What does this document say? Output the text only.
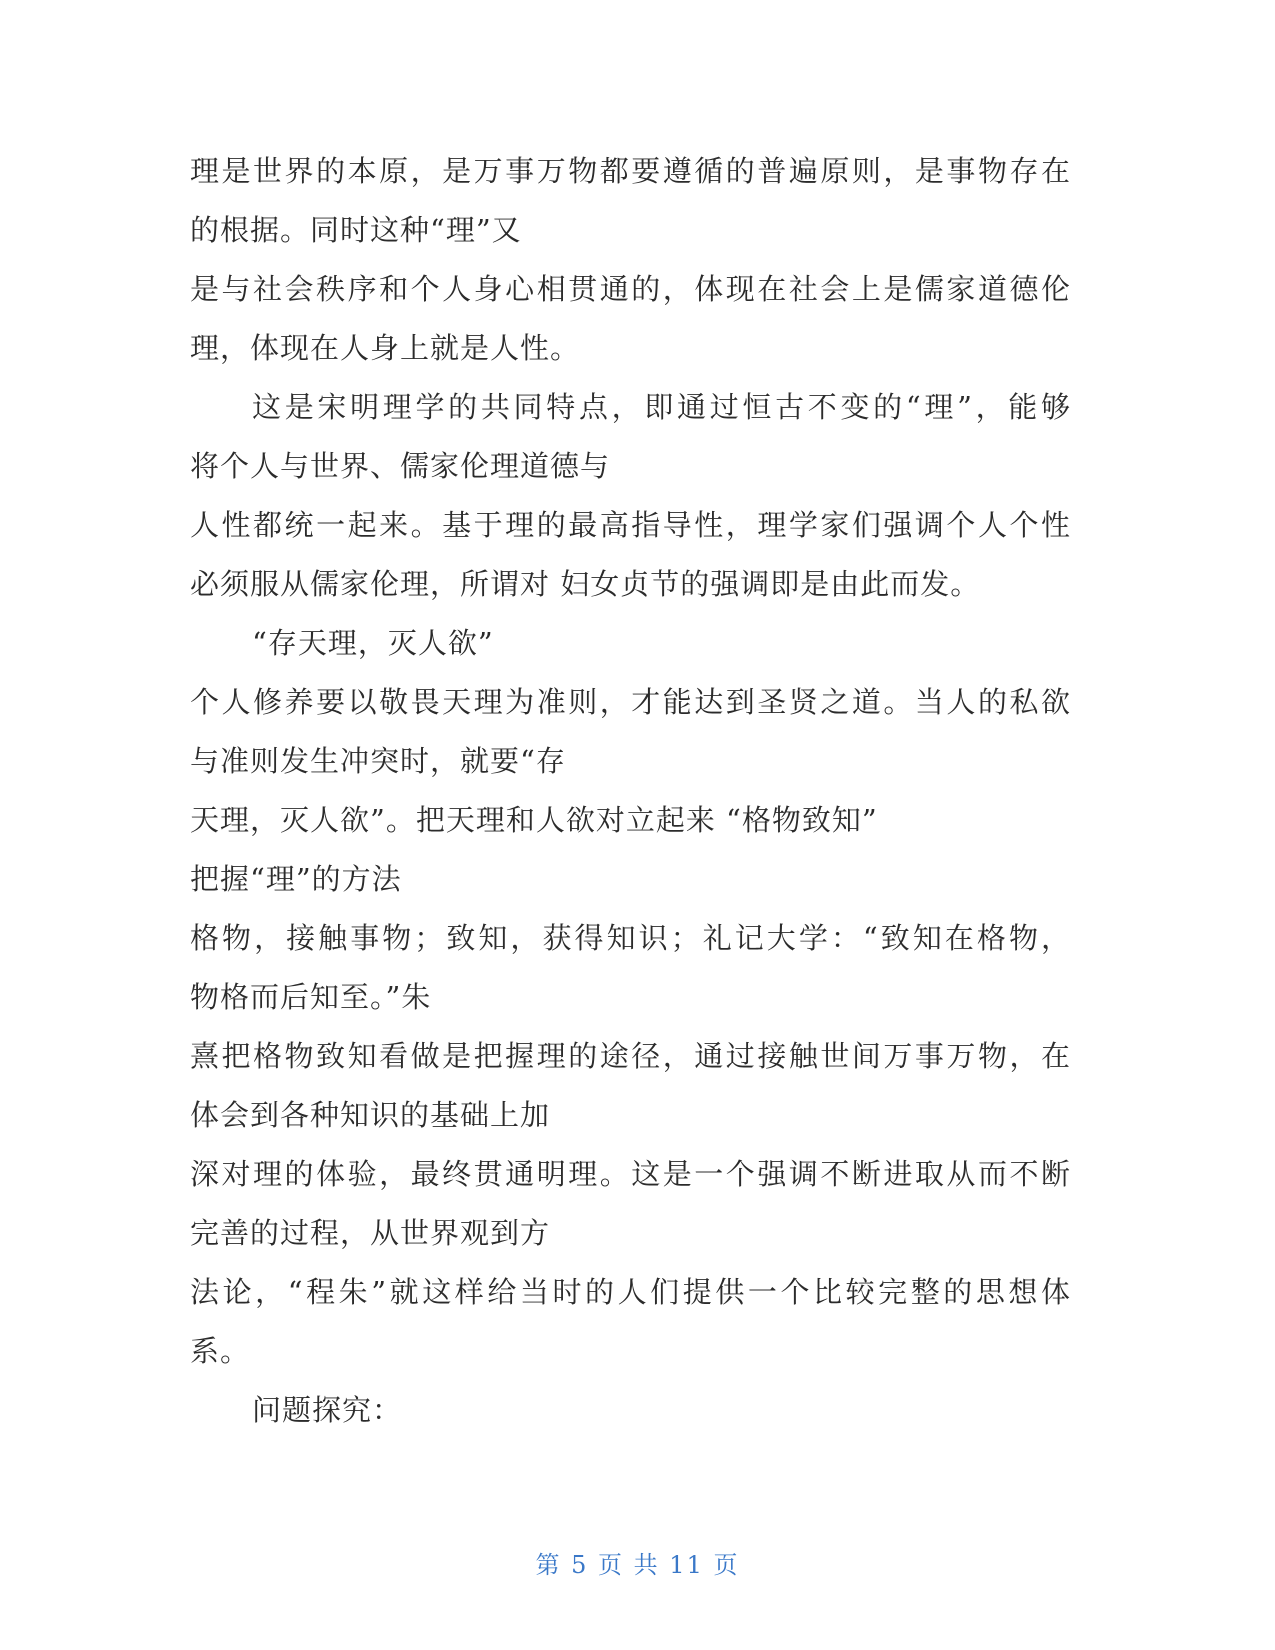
理是世界的本原，是万事万物都要遵循的普遍原则，是事物存在
的根据。同时这种“理”又
是与社会秩序和个人身心相贯通的，体现在社会上是儒家道德伦
理，体现在人身上就是人性。
这是宋明理学的共同特点，即通过恒古不变的“理”，能够
将个人与世界、儒家伦理道德与
人性都统一起来。基于理的最高指导性，理学家们强调个人个性
必须服从儒家伦理，所谓对 妇女贞节的强调即是由此而发。
“存天理，灭人欲”
个人修养要以敬畏天理为准则，才能达到圣贤之道。当人的私欲
与准则发生冲突时，就要“存
天理，灭人欲”。把天理和人欲对立起来 “格物致知”
把握“理”的方法
格物，接触事物；致知，获得知识；礼记大学：“致知在格物，
物格而后知至。”朱
熹把格物致知看做是把握理的途径，通过接触世间万事万物，在
体会到各种知识的基础上加
深对理的体验，最终贯通明理。这是一个强调不断进取从而不断
完善的过程，从世界观到方
法论，“程朱”就这样给当时的人们提供一个比较完整的思想体
系。
问题探究：
第 5 页 共 11 页
